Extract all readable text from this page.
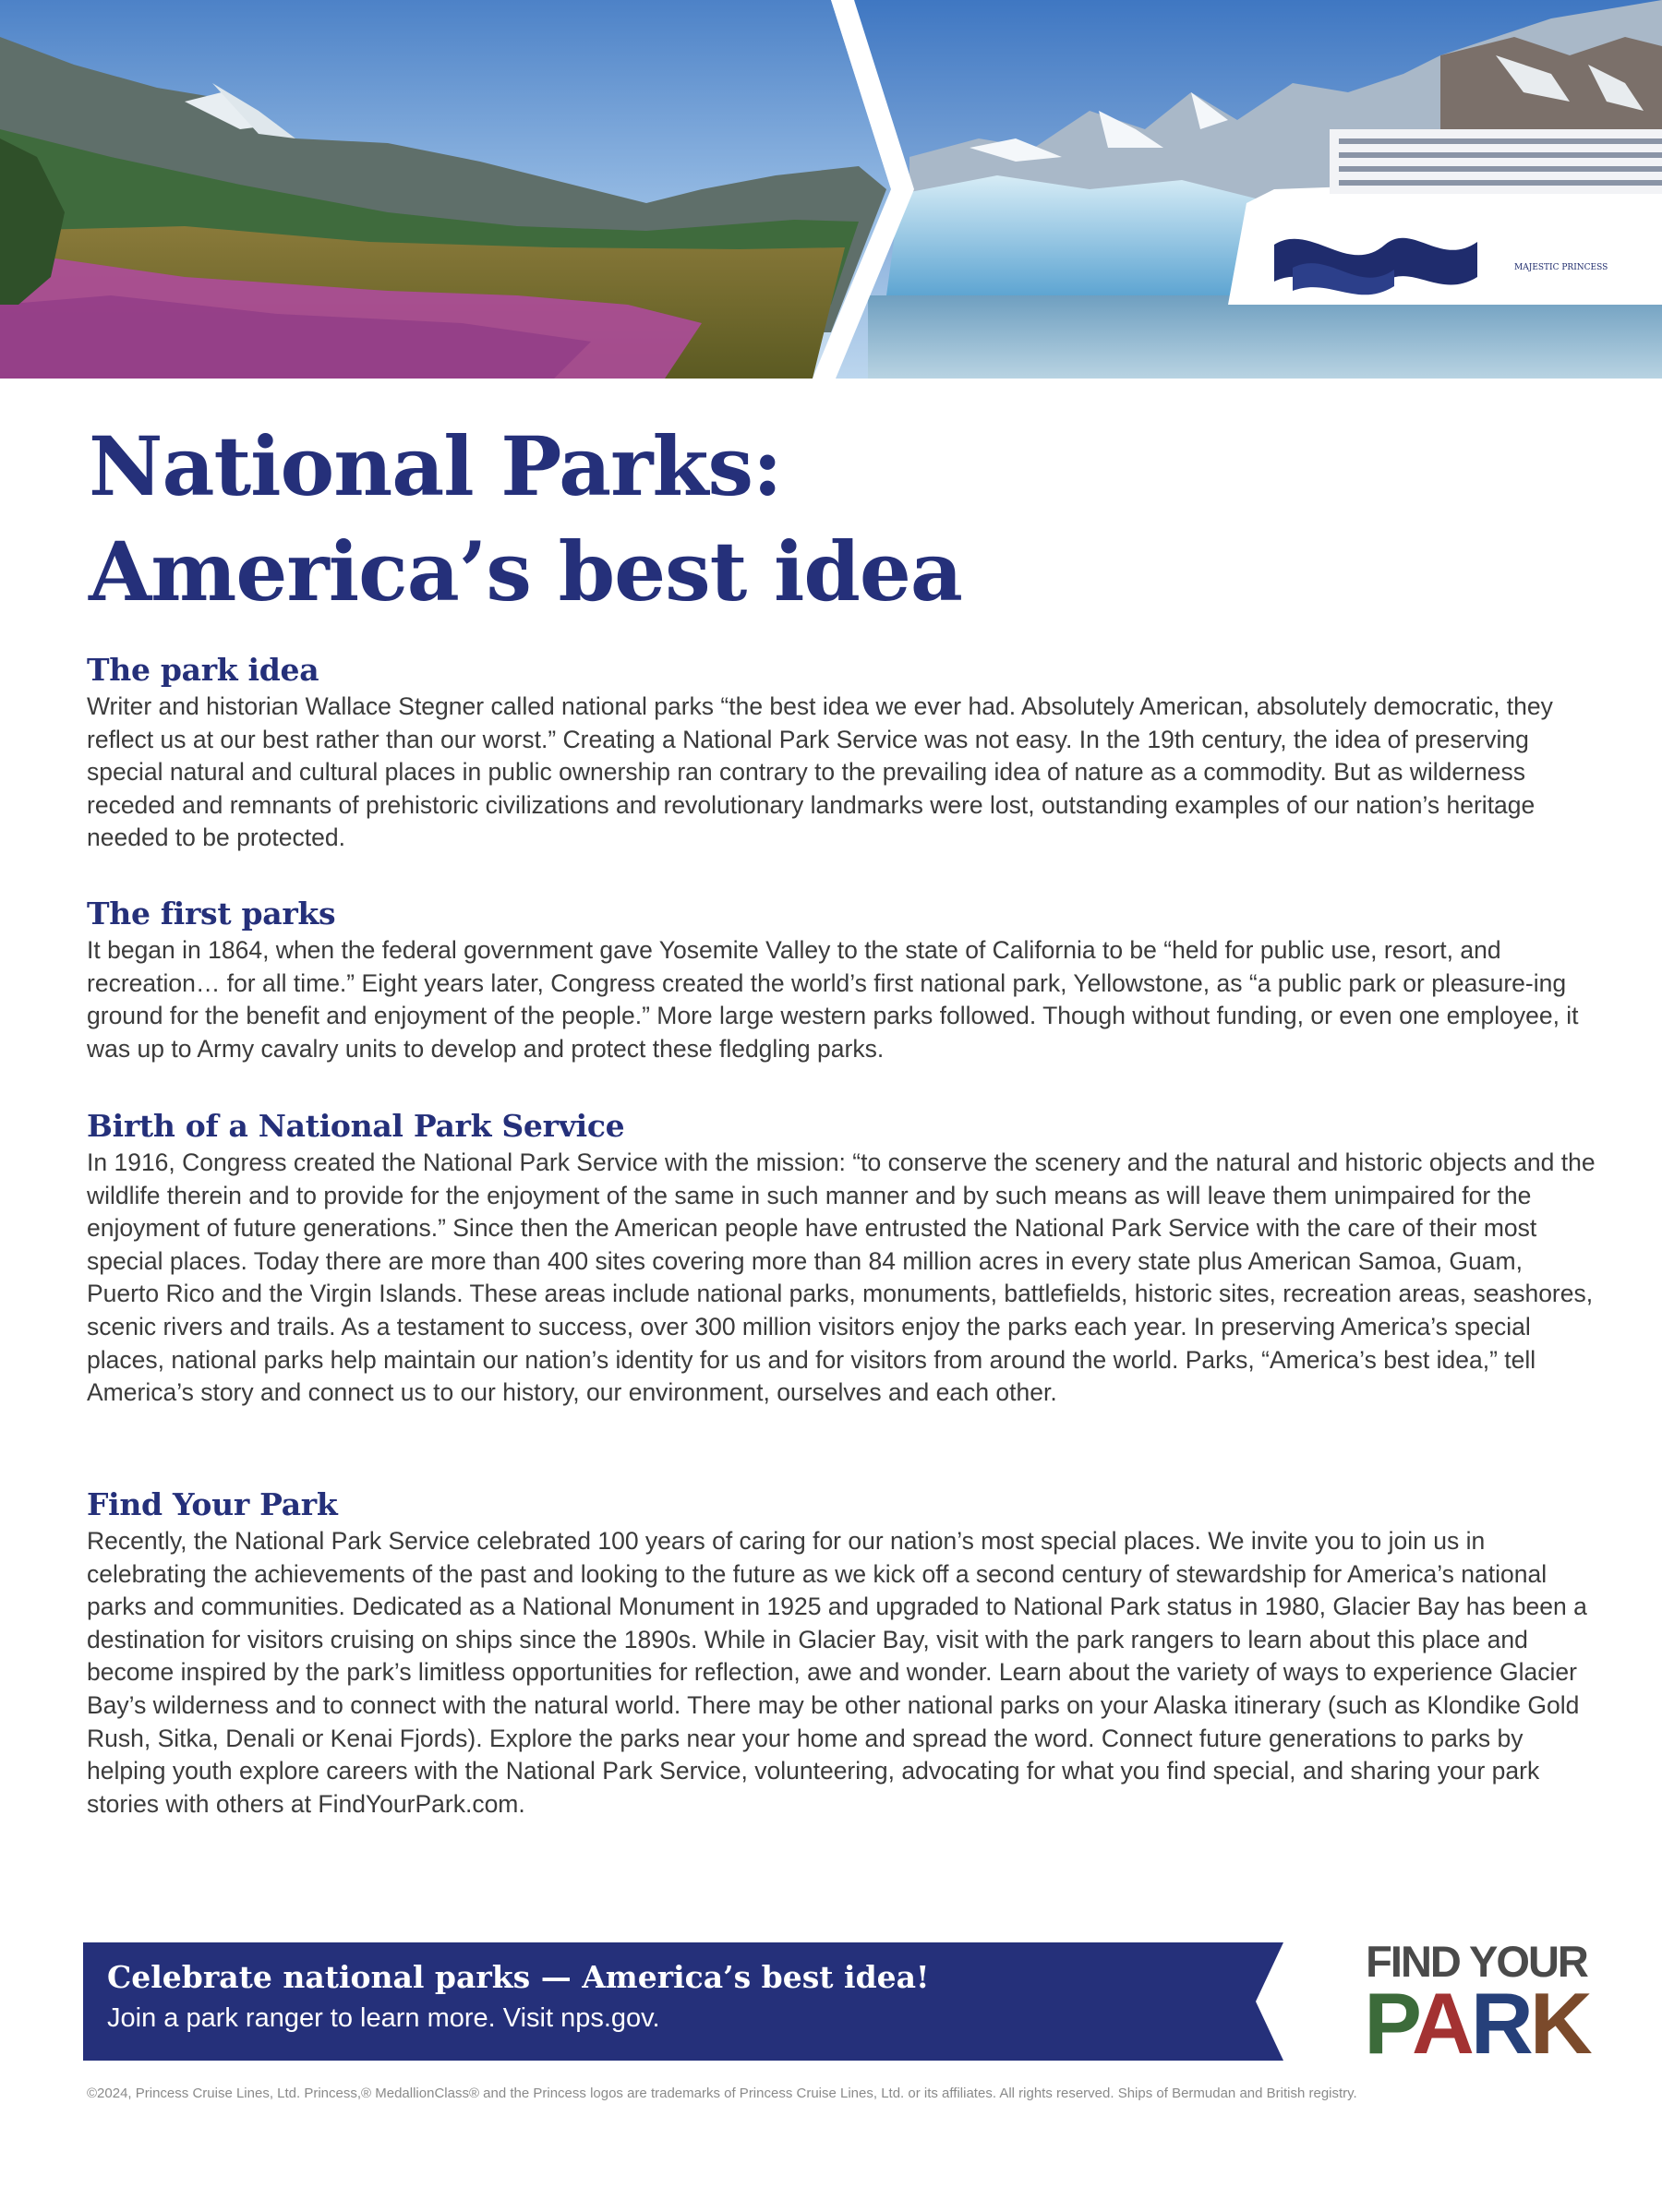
MAJESTIC PRINCESS
National Parks:
America’s best idea
The park idea

Writer and historian Wallace Stegner called national parks “the best idea we ever had. Absolutely American, absolutely democratic, they reflect us at our best rather than our worst.” Creating a National Park Service was not easy. In the 19th century, the idea of preserving special natural and cultural places in public ownership ran contrary to the prevailing idea of nature as a commodity. But as wilderness receded and remnants of prehistoric civilizations and revolutionary landmarks were lost, outstanding examples of our nation’s heritage needed to be protected.

The first parks

It began in 1864, when the federal government gave Yosemite Valley to the state of California to be “held for public use, resort, and recreation… for all time.” Eight years later, Congress created the world’s first national park, Yellowstone, as “a public park or pleasure-ing ground for the benefit and enjoyment of the people.” More large western parks followed. Though without funding, or even one employee, it was up to Army cavalry units to develop and protect these fledgling parks.

Birth of a National Park Service

In 1916, Congress created the National Park Service with the mission: “to conserve the scenery and the natural and historic objects and the wildlife therein and to provide for the enjoyment of the same in such manner and by such means as will leave them unimpaired for the enjoyment of future generations.” Since then the American people have entrusted the National Park Service with the care of their most special places. Today there are more than 400 sites covering more than 84 million acres in every state plus American Samoa, Guam, Puerto Rico and the Virgin Islands. These areas include national parks, monuments, battlefields, historic sites, recreation areas, seashores, scenic rivers and trails. As a testament to success, over 300 million visitors enjoy the parks each year. In preserving America’s special places, national parks help maintain our nation’s identity for us and for visitors from around the world. Parks, “America’s best idea,” tell America’s story and connect us to our history, our environment, ourselves and each other.

Find Your Park

Recently, the National Park Service celebrated 100 years of caring for our nation’s most special places. We invite you to join us in celebrating the achievements of the past and looking to the future as we kick off a second century of stewardship for America’s national parks and communities. Dedicated as a National Monument in 1925 and upgraded to National Park status in 1980, Glacier Bay has been a destination for visitors cruising on ships since the 1890s. While in Glacier Bay, visit with the park rangers to learn about this place and become inspired by the park’s limitless opportunities for reflection, awe and wonder. Learn about the variety of ways to experience Glacier Bay’s wilderness and to connect with the natural world. There may be other national parks on your Alaska itinerary (such as Klondike Gold Rush, Sitka, Denali or Kenai Fjords). Explore the parks near your home and spread the word. Connect future generations to parks by helping youth explore careers with the National Park Service, volunteering, advocating for what you find special, and sharing your park stories with others at FindYourPark.com.

Celebrate national parks — America’s best idea!

Join a park ranger to learn more. Visit nps.gov.

FIND YOUR
PARK
©2024, Princess Cruise Lines, Ltd. Princess,® MedallionClass® and the Princess logos are trademarks of Princess Cruise Lines, Ltd. or its affiliates. All rights reserved. Ships of Bermudan and British registry.
